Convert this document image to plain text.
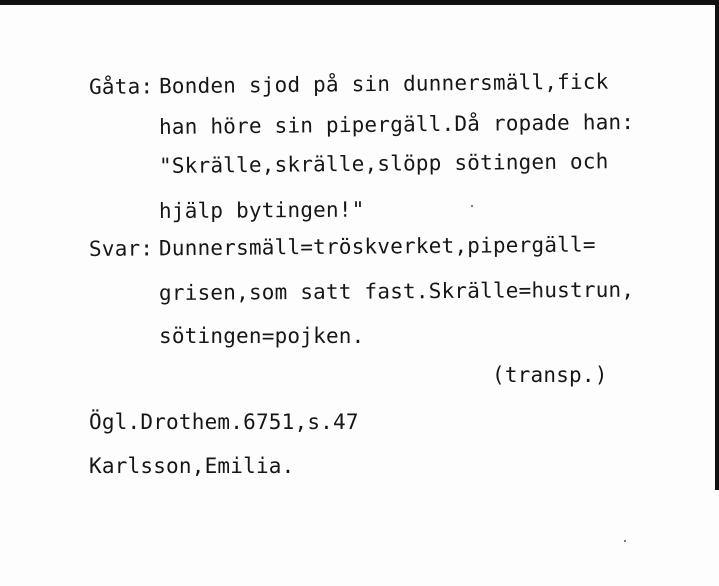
Gåta: Bonden sjod på sin dunnersmäll,fick
han höre sin pipergäll.Då ropade han:
"Skrälle,skrälle,slöpp sötingen och
hjälp bytingen!"
Svar: Dunnersmäll=tröskverket,pipergäll=
grisen,som satt fast.Skrälle=hustrun,
sötingen=pojken.
(transp.)
Ögl.Drothem.6751,s.47
Karlsson,Emilia.
